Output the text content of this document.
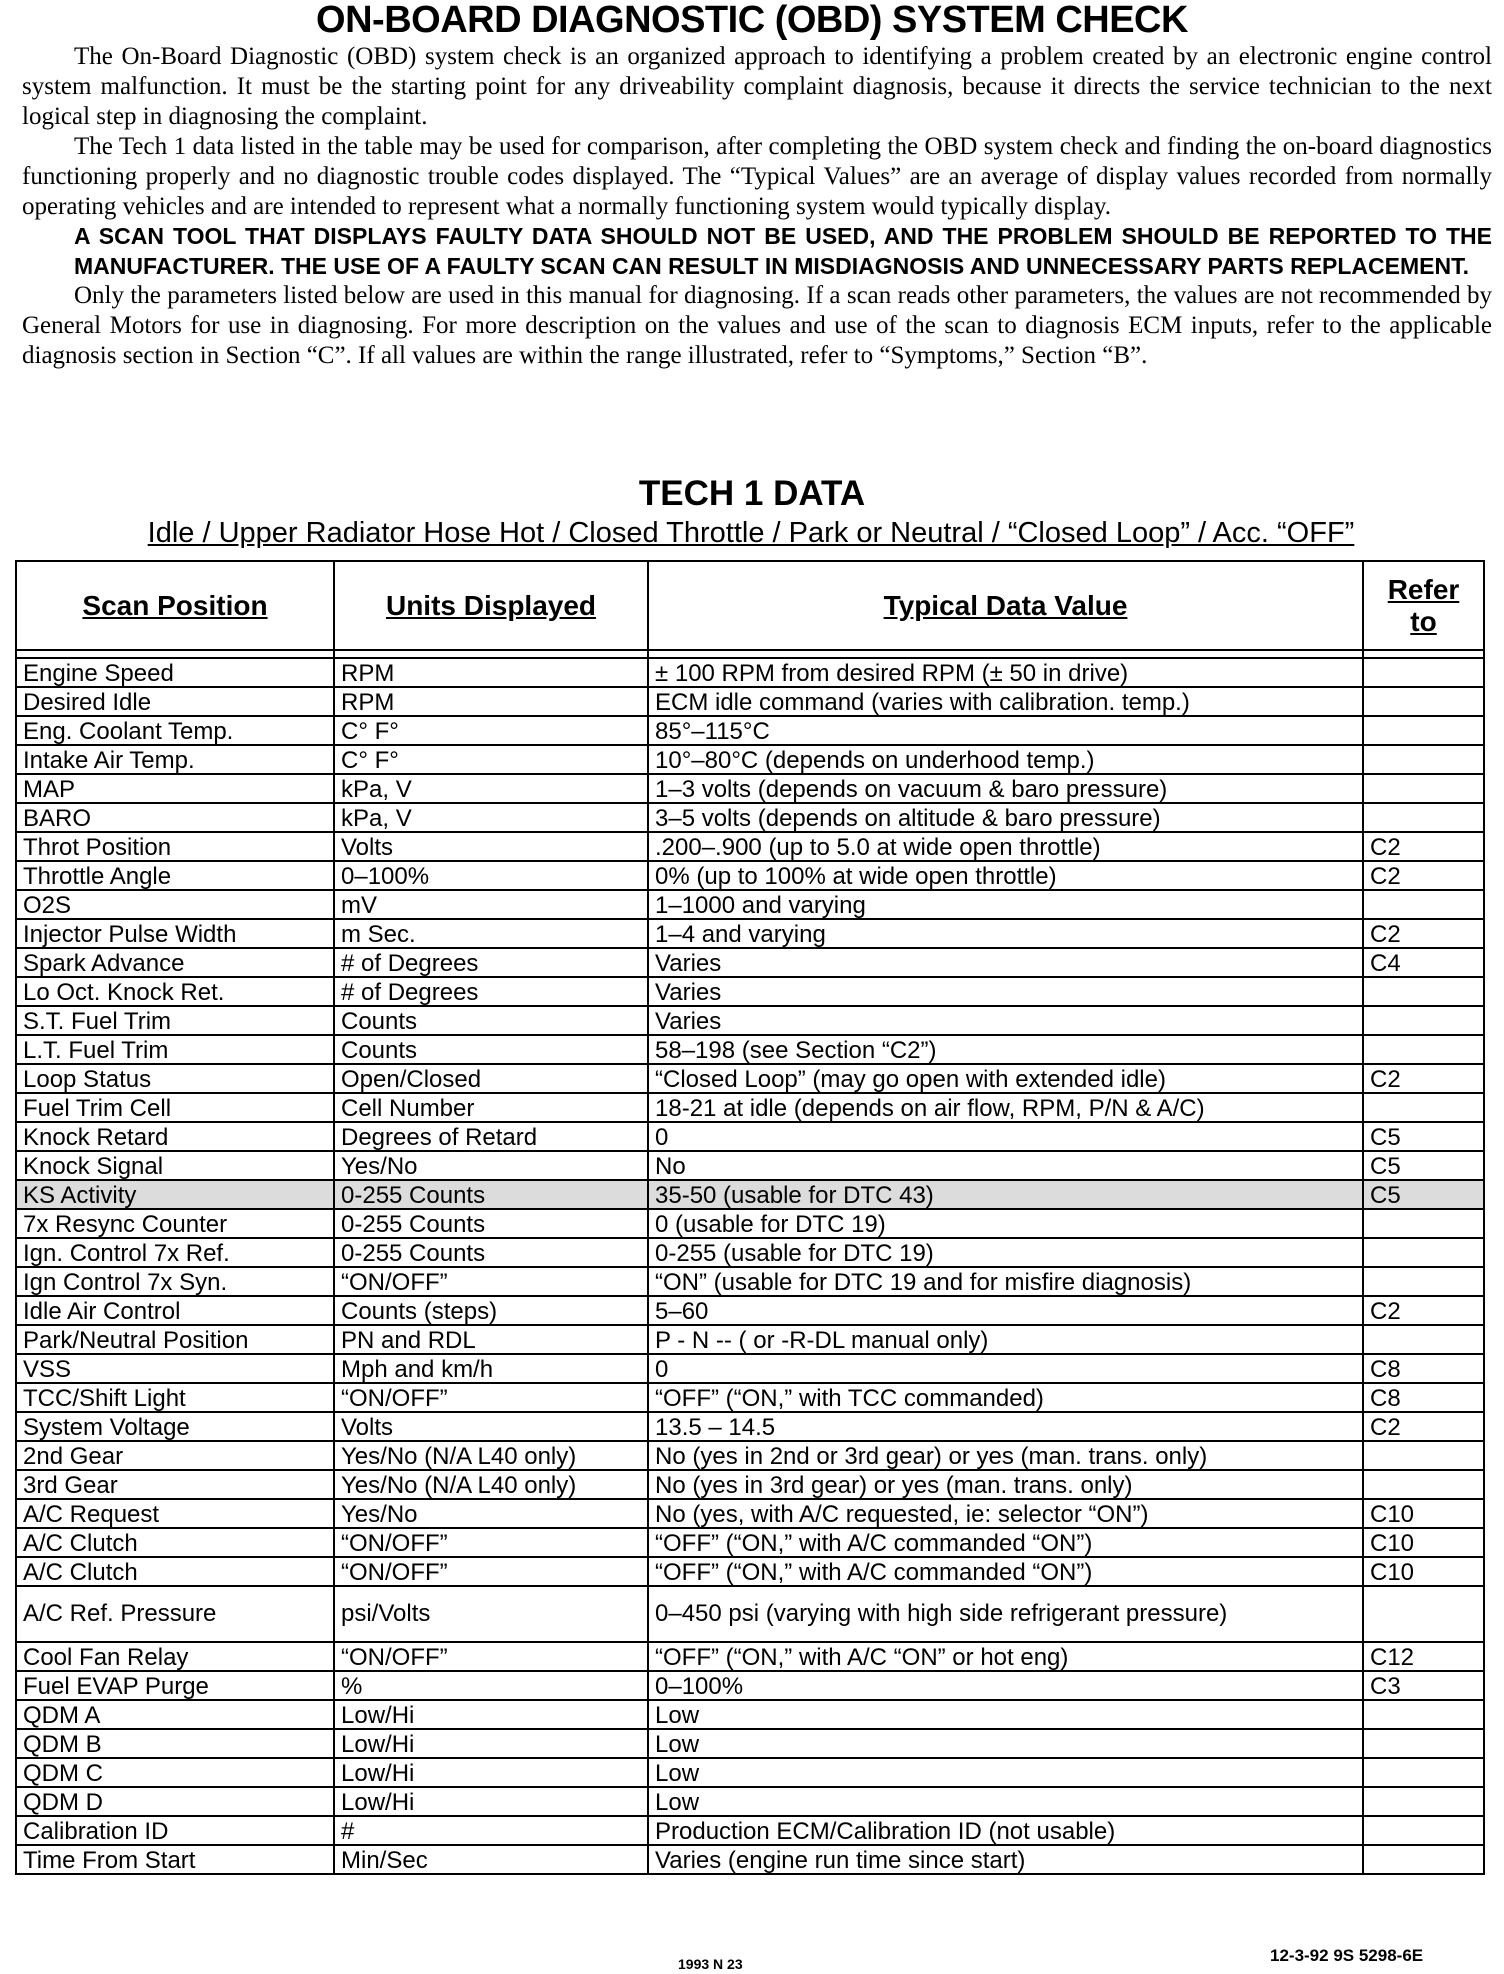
ON-BOARD DIAGNOSTIC (OBD) SYSTEM CHECK

The On-Board Diagnostic (OBD) system check is an organized approach to identifying a problem created by an electronic engine control system malfunction. It must be the starting point for any driveability complaint diagnosis, because it directs the service technician to the next logical step in diagnosing the complaint.

The Tech 1 data listed in the table may be used for comparison, after completing the OBD system check and finding the on-board diagnostics functioning properly and no diagnostic trouble codes displayed. The “Typical Values” are an average of display values recorded from normally operating vehicles and are intended to represent what a normally functioning system would typically display.

A SCAN TOOL THAT DISPLAYS FAULTY DATA SHOULD NOT BE USED, AND THE PROBLEM SHOULD BE REPORTED TO THE MANUFACTURER. THE USE OF A FAULTY SCAN CAN RESULT IN MISDIAGNOSIS AND UNNECESSARY PARTS REPLACEMENT.

Only the parameters listed below are used in this manual for diagnosing. If a scan reads other parameters, the values are not recommended by General Motors for use in diagnosing. For more description on the values and use of the scan to diagnosis ECM inputs, refer to the applicable diagnosis section in Section “C”. If all values are within the range illustrated, refer to “Symptoms,” Section “B”.

TECH 1 DATA
Idle / Upper Radiator Hose Hot / Closed Throttle / Park or Neutral / “Closed Loop” / Acc. “OFF”
Scan Position	Units Displayed	Typical Data Value	Refer to

Engine Speed	RPM	± 100 RPM from desired RPM (± 50 in drive)	
Desired Idle	RPM	ECM idle command (varies with calibration. temp.)	
Eng. Coolant Temp.	C° F°	85°–115°C	
Intake Air Temp.	C° F°	10°–80°C (depends on underhood temp.)	
MAP	kPa, V	1–3 volts (depends on vacuum & baro pressure)	
BARO	kPa, V	3–5 volts (depends on altitude & baro pressure)	
Throt Position	Volts	.200–.900 (up to 5.0 at wide open throttle)	C2
Throttle Angle	0–100%	0% (up to 100% at wide open throttle)	C2
O2S	mV	1–1000 and varying	
Injector Pulse Width	m Sec.	1–4 and varying	C2
Spark Advance	# of Degrees	Varies	C4
Lo Oct. Knock Ret.	# of Degrees	Varies	
S.T. Fuel Trim	Counts	Varies	
L.T. Fuel Trim	Counts	58–198 (see Section “C2”)	
Loop Status	Open/Closed	“Closed Loop” (may go open with extended idle)	C2
Fuel Trim Cell	Cell Number	18-21 at idle (depends on air flow, RPM, P/N & A/C)	
Knock Retard	Degrees of Retard	0	C5
Knock Signal	Yes/No	No	C5
KS Activity	0-255 Counts	35-50 (usable for DTC 43)	C5
7x Resync Counter	0-255 Counts	0 (usable for DTC 19)	
Ign. Control 7x Ref.	0-255 Counts	0-255 (usable for DTC 19)	
Ign Control 7x Syn.	“ON/OFF”	“ON” (usable for DTC 19 and for misfire diagnosis)	
Idle Air Control	Counts (steps)	5–60	C2
Park/Neutral Position	PN and RDL	P - N -- ( or -R-DL manual only)	
VSS	Mph and km/h	0	C8
TCC/Shift Light	“ON/OFF”	“OFF” (“ON,” with TCC commanded)	C8
System Voltage	Volts	13.5 – 14.5	C2
2nd Gear	Yes/No (N/A L40 only)	No (yes in 2nd or 3rd gear) or yes (man. trans. only)	
3rd Gear	Yes/No (N/A L40 only)	No (yes in 3rd gear) or yes (man. trans. only)	
A/C Request	Yes/No	No (yes, with A/C requested, ie: selector “ON”)	C10
A/C Clutch	“ON/OFF”	“OFF” (“ON,” with A/C commanded “ON”)	C10
A/C Clutch	“ON/OFF”	“OFF” (“ON,” with A/C commanded “ON”)	C10
A/C Ref. Pressure	psi/Volts	0–450 psi (varying with high side refrigerant pressure)	
Cool Fan Relay	“ON/OFF”	“OFF” (“ON,” with A/C “ON” or hot eng)	C12
Fuel EVAP Purge	%	0–100%	C3
QDM A	Low/Hi	Low	
QDM B	Low/Hi	Low	
QDM C	Low/Hi	Low	
QDM D	Low/Hi	Low	
Calibration ID	#	Production ECM/Calibration ID (not usable)	
Time From Start	Min/Sec	Varies (engine run time since start)	
1993 N 23	12-3-92 9S 5298-6E
